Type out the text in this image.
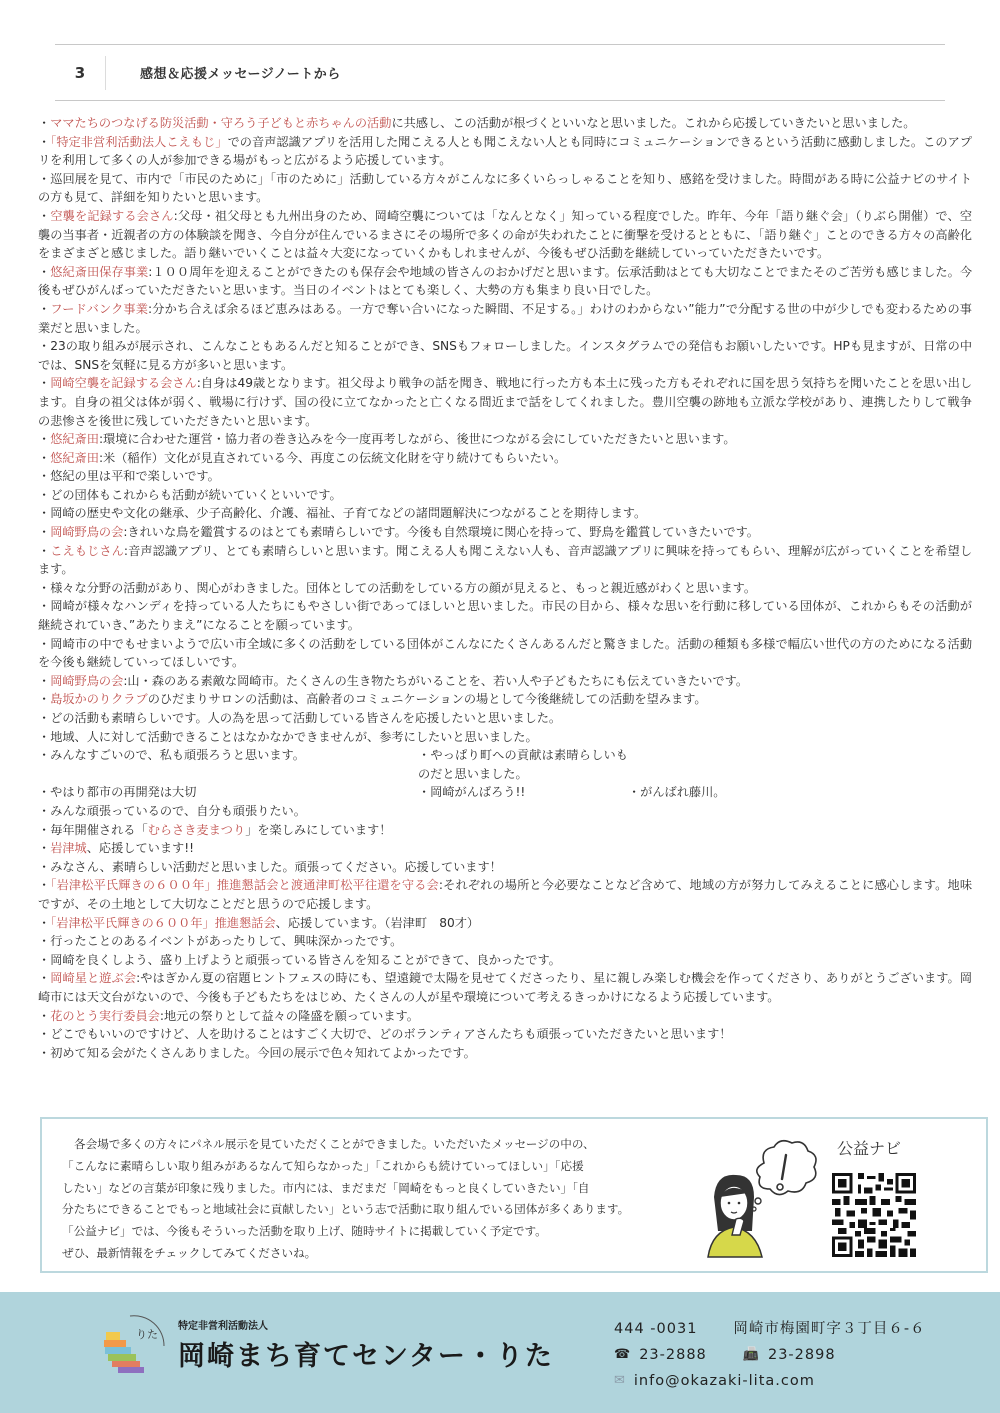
3	感想＆応援メッセージノートから
・ママたちのつなげる防災活動・守ろう子どもと赤ちゃんの活動に共感し、この活動が根づくといいなと思いました。これから応援していきたいと思いました。
・「特定非営利活動法人こえもじ」での音声認識アプリを活用した聞こえる人とも聞こえない人とも同時にコミュニケーションできるという活動に感動しました。このアプリを利用して多くの人が参加できる場がもっと広がるよう応援しています。
・巡回展を見て、市内で「市民のために」「市のために」活動している方々がこんなに多くいらっしゃることを知り、感銘を受けました。時間がある時に公益ナビのサイトの方も見て、詳細を知りたいと思います。
・空襲を記録する会さん:父母・祖父母とも九州出身のため、岡崎空襲については「なんとなく」知っている程度でした。昨年、今年「語り継ぐ会」（りぶら開催）で、空襲の当事者・近親者の方の体験談を聞き、今自分が住んでいるまさにその場所で多くの命が失われたことに衝撃を受けるとともに、「語り継ぐ」ことのできる方々の高齢化をまざまざと感じました。語り継いでいくことは益々大変になっていくかもしれませんが、今後もぜひ活動を継続していっていただきたいです。
・悠紀斎田保存事業:１００周年を迎えることができたのも保存会や地域の皆さんのおかげだと思います。伝承活動はとても大切なことでまたそのご苦労も感じました。今後もぜひがんばっていただきたいと思います。当日のイベントはとても楽しく、大勢の方も集まり良い日でした。
・フードバンク事業:分かち合えば余るほど恵みはある。一方で奪い合いになった瞬間、不足する。」わけのわからない”能力”で分配する世の中が少しでも変わるための事業だと思いました。
・23の取り組みが展示され、こんなこともあるんだと知ることができ、SNSもフォローしました。インスタグラムでの発信もお願いしたいです。HPも見ますが、日常の中では、SNSを気軽に見る方が多いと思います。
・岡崎空襲を記録する会さん:自身は49歳となります。祖父母より戦争の話を聞き、戦地に行った方も本土に残った方もそれぞれに国を思う気持ちを聞いたことを思い出します。自身の祖父は体が弱く、戦場に行けず、国の役に立てなかったと亡くなる間近まで話をしてくれました。豊川空襲の跡地も立派な学校があり、連携したりして戦争の悲惨さを後世に残していただきたいと思います。
・悠紀斎田:環境に合わせた運営・協力者の巻き込みを今一度再考しながら、後世につながる会にしていただきたいと思います。
・悠紀斎田:米（稲作）文化が見直されている今、再度この伝統文化財を守り続けてもらいたい。
・悠紀の里は平和で楽しいです。
・どの団体もこれからも活動が続いていくといいです。
・岡崎の歴史や文化の継承、少子高齢化、介護、福祉、子育てなどの諸問題解決につながることを期待します。
・岡崎野鳥の会:きれいな鳥を鑑賞するのはとても素晴らしいです。今後も自然環境に関心を持って、野鳥を鑑賞していきたいです。
・こえもじさん:音声認識アプリ、とても素晴らしいと思います。聞こえる人も聞こえない人も、音声認識アプリに興味を持ってもらい、理解が広がっていくことを希望します。
・様々な分野の活動があり、関心がわきました。団体としての活動をしている方の顔が見えると、もっと親近感がわくと思います。
・岡崎が様々なハンディを持っている人たちにもやさしい街であってほしいと思いました。市民の目から、様々な思いを行動に移している団体が、これからもその活動が継続されていき、”あたりまえ”になることを願っています。
・岡崎市の中でもせまいようで広い市全域に多くの活動をしている団体がこんなにたくさんあるんだと驚きました。活動の種類も多様で幅広い世代の方のためになる活動を今後も継続していってほしいです。
・岡崎野鳥の会:山・森のある素敵な岡崎市。たくさんの生き物たちがいることを、若い人や子どもたちにも伝えていきたいです。
・島坂かのりクラブのひだまりサロンの活動は、高齢者のコミュニケーションの場として今後継続しての活動を望みます。
・どの活動も素晴らしいです。人の為を思って活動している皆さんを応援したいと思いました。
・地域、人に対して活動できることはなかなかできませんが、参考にしたいと思いました。
・みんなすごいので、私も頑張ろうと思います。	・やっぱり町への貢献は素晴らしいものだと思いました。
・やはり都市の再開発は大切	・岡崎がんばろう!!	・がんばれ藤川。
・みんな頑張っているので、自分も頑張りたい。
・毎年開催される「むらさき麦まつり」を楽しみにしています！
・岩津城、応援しています!!
・みなさん、素晴らしい活動だと思いました。頑張ってください。応援しています！
・「岩津松平氏輝きの６００年」推進懇話会と渡通津町松平往還を守る会:それぞれの場所と今必要なことなど含めて、地域の方が努力してみえることに感心します。地味ですが、その土地として大切なことだと思うので応援します。
・「岩津松平氏輝きの６００年」推進懇話会、応援しています。（岩津町　80才）
・行ったことのあるイベントがあったりして、興味深かったです。
・岡崎を良くしよう、盛り上げようと頑張っている皆さんを知ることができて、良かったです。
・岡崎星と遊ぶ会:やはぎかん夏の宿題ヒントフェスの時にも、望遠鏡で太陽を見せてくださったり、星に親しみ楽しむ機会を作ってくださり、ありがとうございます。岡崎市には天文台がないので、今後も子どもたちをはじめ、たくさんの人が星や環境について考えるきっかけになるよう応援しています。
・花のとう実行委員会:地元の祭りとして益々の隆盛を願っています。
・どこでもいいのですけど、人を助けることはすごく大切で、どのボランティアさんたちも頑張っていただきたいと思います！
・初めて知る会がたくさんありました。今回の展示で色々知れてよかったです。
各会場で多くの方々にパネル展示を見ていただくことができました。いただいたメッセージの中の、
「こんなに素晴らしい取り組みがあるなんて知らなかった」「これからも続けていってほしい」「応援
したい」などの言葉が印象に残りました。市内には、まだまだ「岡崎をもっと良くしていきたい」「自
分たちにできることでもっと地域社会に貢献したい」という志で活動に取り組んでいる団体が多くあります。
「公益ナビ」では、今後もそういった活動を取り上げ、随時サイトに掲載していく予定です。
ぜひ、最新情報をチェックしてみてくださいね。
公益ナビ
りた
特定非営利活動法人
岡崎まち育てセンター・りた
444 -0031 岡崎市梅園町字３丁目６-６
☎ 23-2888	📠 23-2898
✉ info@okazaki-lita.com
